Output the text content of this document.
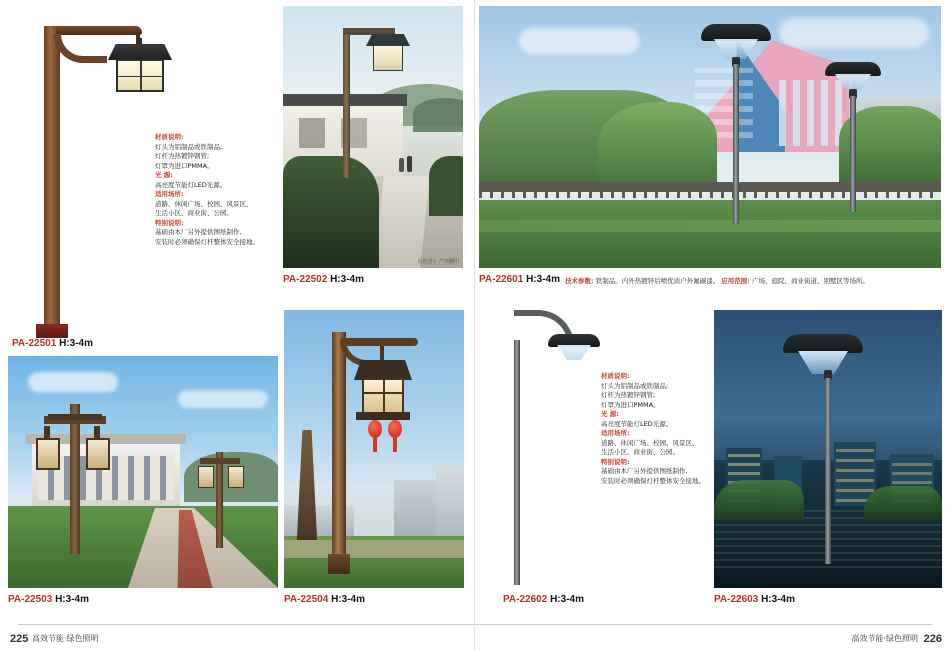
PA-22501 H:3-4m
材质说明:
灯头为铝制品或铁制品;
灯杆为热镀锌钢管;
灯罩为进口PMMA。
光 源:
高亮度节能灯LED光源。
适用场所:
道路、休闲广场、校园、风景区、
生活小区、商业街、公园。
特别说明:
基础由本厂另外提供图纸制作,
安装时必须确保灯杆整体安全接地。
原创图片 严禁翻印
PA-22502 H:3-4m	PA-22601 H:3-4m 技术参数: 铁制品。内外热镀锌后喷优质户外氟碳漆。 应用范围: 广场、庭院、商业街道、别墅区等场所。
PA-22503 H:3-4m	PA-22504 H:3-4m	PA-22602 H:3-4m
材质说明:
灯头为铝制品或铁制品;
灯杆为热镀锌钢管;
灯罩为进口PMMA。
光 源:
高亮度节能灯LED光源。
适用场所:
道路、休闲广场、校园、风景区、
生活小区、商业街、公园。
特别说明:
基础由本厂另外提供图纸制作,
安装时必须确保灯杆整体安全接地。
PA-22603 H:3-4m
225 高效节能·绿色照明	高效节能·绿色照明 226
